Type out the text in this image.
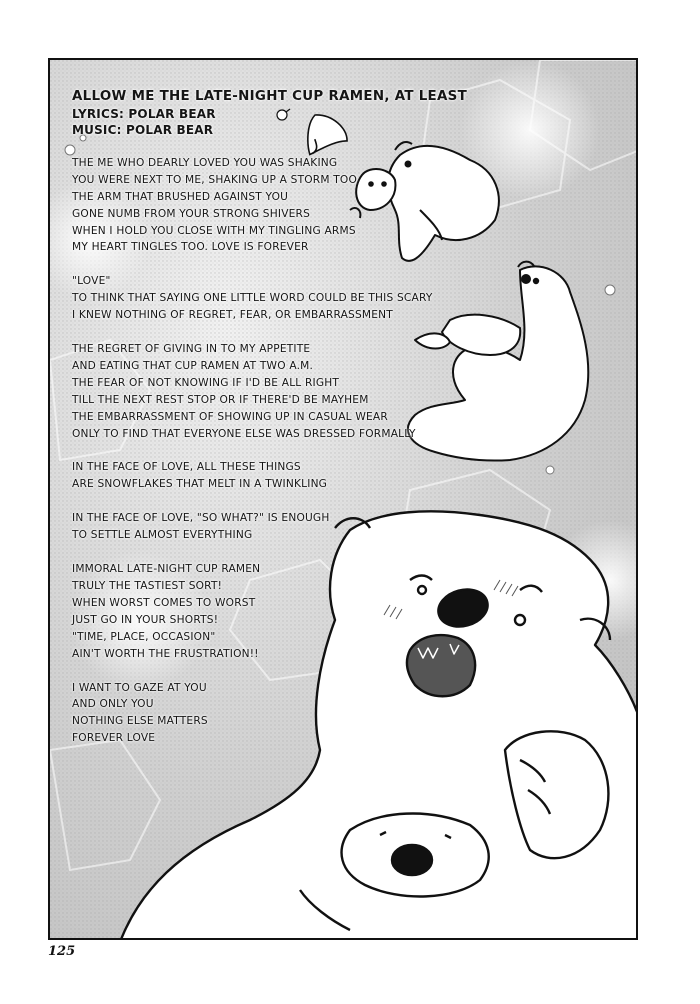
ALLOW ME THE LATE-NIGHT CUP RAMEN, AT LEAST
LYRICS: POLAR BEAR
MUSIC: POLAR BEAR
THE ME WHO DEARLY LOVED YOU WAS SHAKING
YOU WERE NEXT TO ME, SHAKING UP A STORM TOO
THE ARM THAT BRUSHED AGAINST YOU
GONE NUMB FROM YOUR STRONG SHIVERS
WHEN I HOLD YOU CLOSE WITH MY TINGLING ARMS
MY HEART TINGLES TOO. LOVE IS FOREVER
"LOVE"
TO THINK THAT SAYING ONE LITTLE WORD COULD BE THIS SCARY
I KNEW NOTHING OF REGRET, FEAR, OR EMBARRASSMENT
THE REGRET OF GIVING IN TO MY APPETITE
AND EATING THAT CUP RAMEN AT TWO A.M.
THE FEAR OF NOT KNOWING IF I'D BE ALL RIGHT
TILL THE NEXT REST STOP OR IF THERE'D BE MAYHEM
THE EMBARRASSMENT OF SHOWING UP IN CASUAL WEAR
ONLY TO FIND THAT EVERYONE ELSE WAS DRESSED FORMALLY
IN THE FACE OF LOVE, ALL THESE THINGS
ARE SNOWFLAKES THAT MELT IN A TWINKLING
IN THE FACE OF LOVE, "SO WHAT?" IS ENOUGH
TO SETTLE ALMOST EVERYTHING
IMMORAL LATE-NIGHT CUP RAMEN
TRULY THE TASTIEST SORT!
WHEN WORST COMES TO WORST
JUST GO IN YOUR SHORTS!
"TIME, PLACE, OCCASION"
AIN'T WORTH THE FRUSTRATION!!
I WANT TO GAZE AT YOU
AND ONLY YOU
NOTHING ELSE MATTERS
FOREVER LOVE
125
